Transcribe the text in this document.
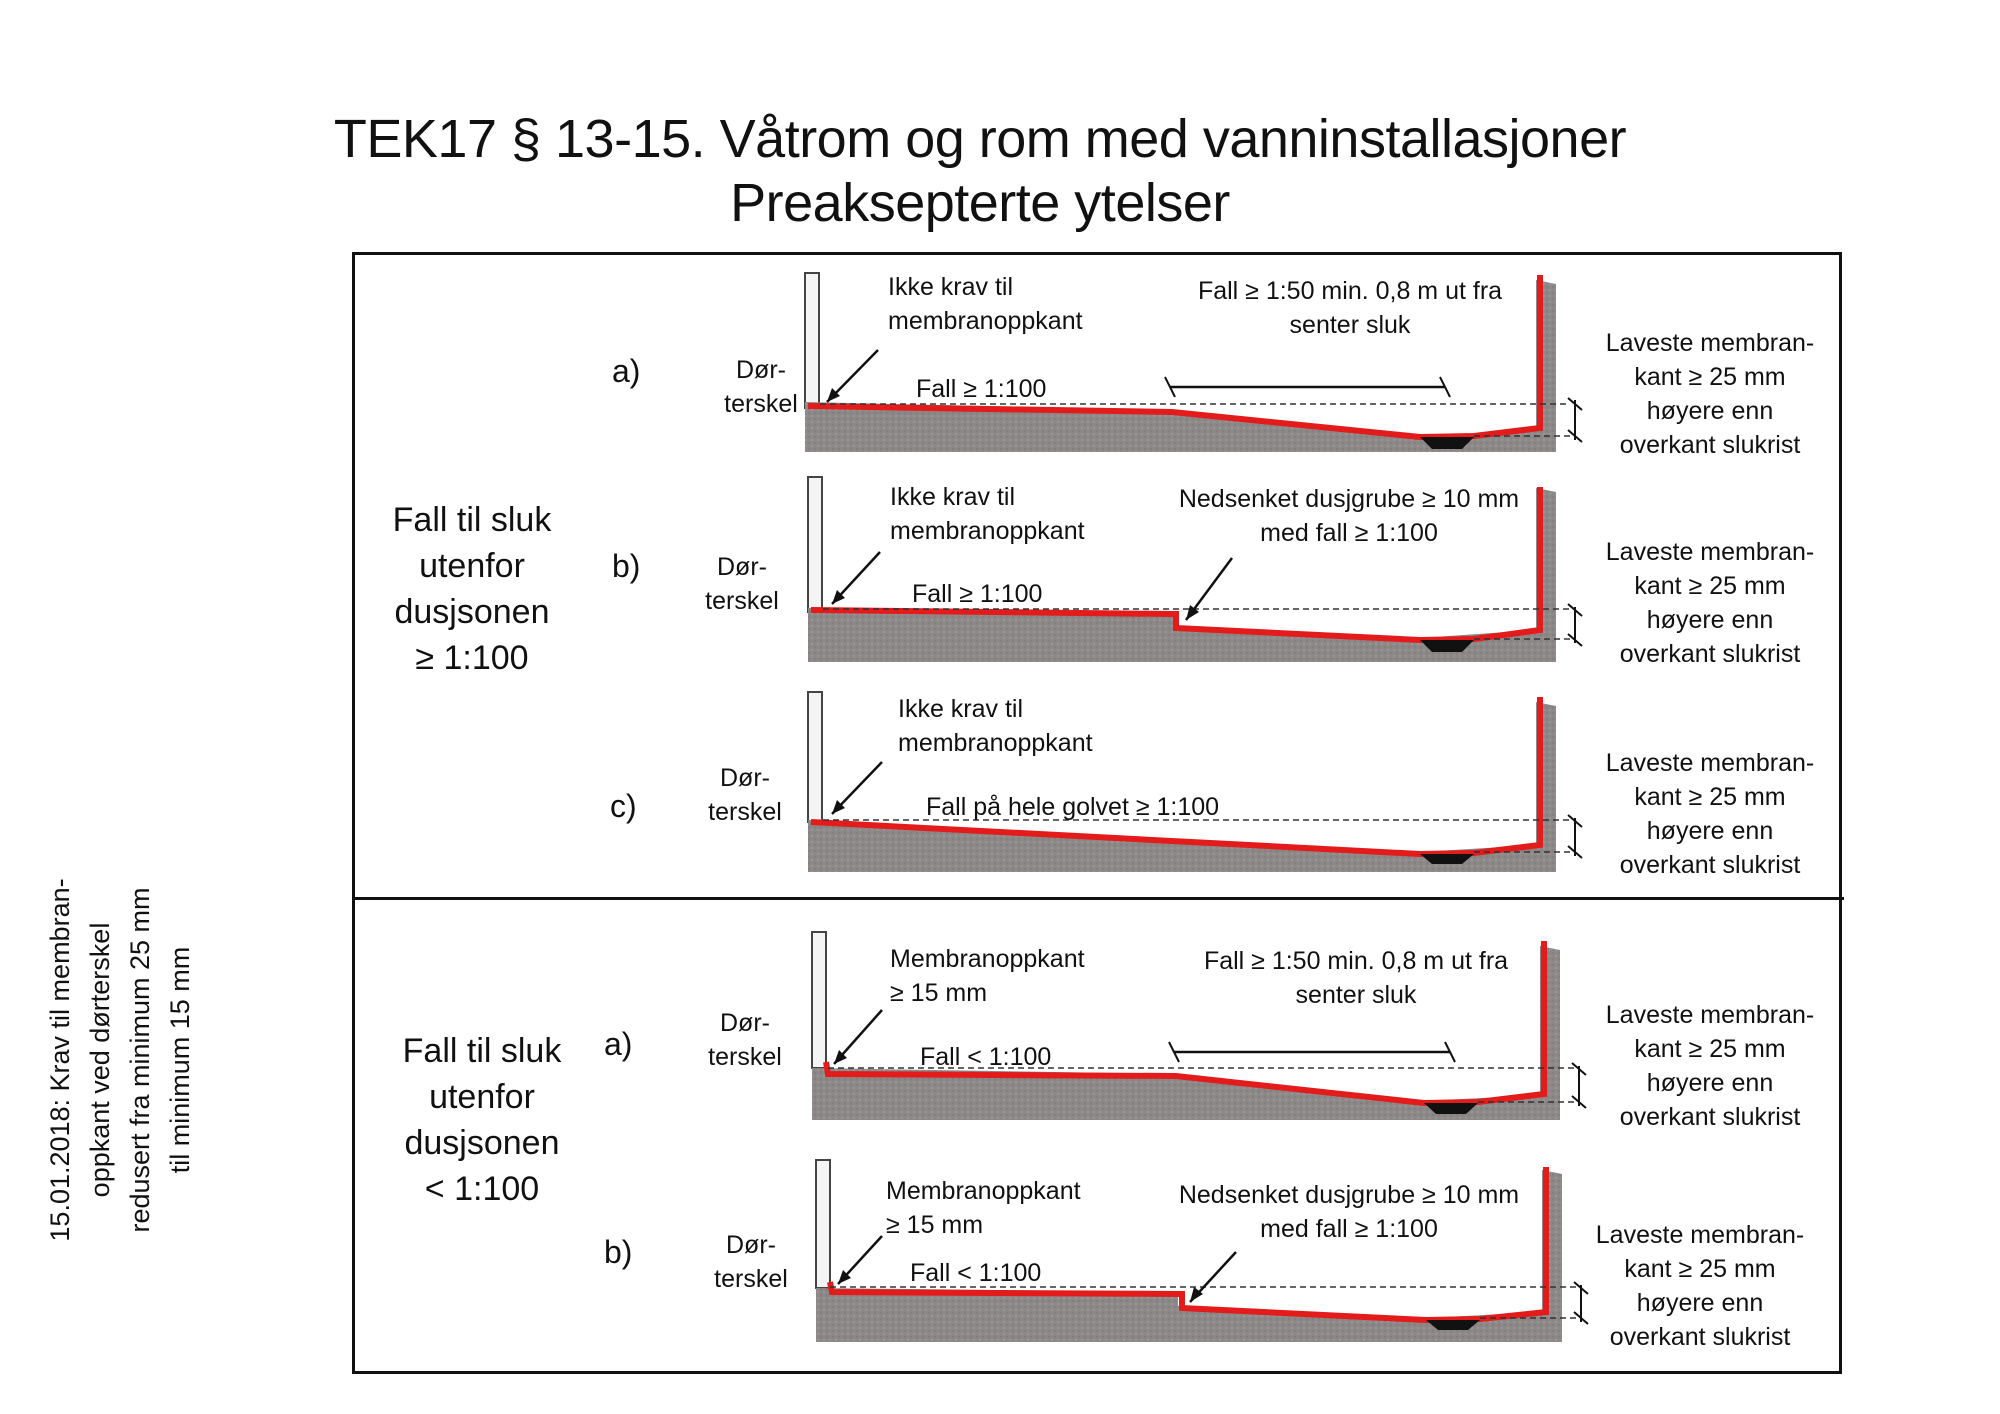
TEK17 § 13-15. Våtrom og rom med vanninstallasjoner
Preaksepterte ytelser
15.01.2018: Krav til membran- oppkant ved dørterskel redusert fra minimum 25 mm til minimum 15 mm
Fall til sluk
utenfor
dusjsonen
≥ 1:100
Fall til sluk
utenfor
dusjsonen
< 1:100
a)	Dør-
terskel
Ikke krav til
membranoppkant
Fall ≥ 1:100
Fall ≥ 1:50 min. 0,8 m ut fra
senter sluk
Laveste membran-
kant ≥ 25 mm
høyere enn
overkant slukrist
b)	Dør-
terskel
Ikke krav til
membranoppkant
Fall ≥ 1:100
Nedsenket dusjgrube ≥ 10 mm
med fall ≥ 1:100
Laveste membran-
kant ≥ 25 mm
høyere enn
overkant slukrist
c)
Dør-
terskel
Ikke krav til
membranoppkant
Fall på hele golvet ≥ 1:100
Laveste membran-
kant ≥ 25 mm
høyere enn
overkant slukrist
a)
Dør-
terskel
Membranoppkant
≥ 15 mm
Fall < 1:100
Fall ≥ 1:50 min. 0,8 m ut fra
senter sluk
Laveste membran-
kant ≥ 25 mm
høyere enn
overkant slukrist
b)	Dør-
terskel
Membranoppkant
≥ 15 mm
Fall < 1:100
Nedsenket dusjgrube ≥ 10 mm
med fall ≥ 1:100	Laveste membran-
kant ≥ 25 mm
høyere enn
overkant slukrist
